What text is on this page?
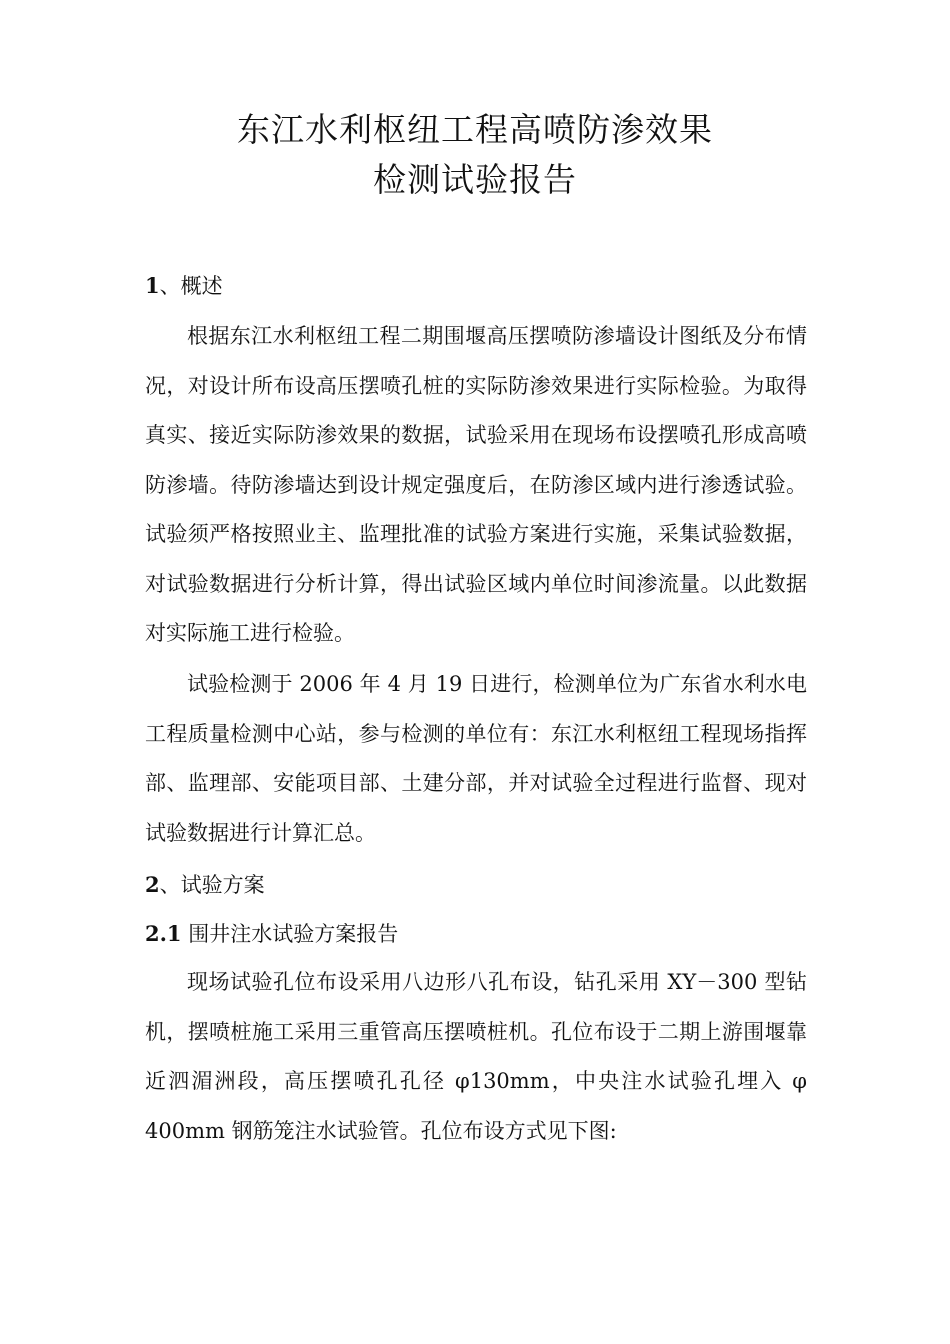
东江水利枢纽工程高喷防渗效果
检测试验报告

1、概述

根据东江水利枢纽工程二期围堰高压摆喷防渗墙设计图纸及分布情况，对设计所布设高压摆喷孔桩的实际防渗效果进行实际检验。为取得真实、接近实际防渗效果的数据，试验采用在现场布设摆喷孔形成高喷防渗墙。待防渗墙达到设计规定强度后，在防渗区域内进行渗透试验。试验须严格按照业主、监理批准的试验方案进行实施，采集试验数据，对试验数据进行分析计算，得出试验区域内单位时间渗流量。以此数据对实际施工进行检验。

试验检测于 2006 年 4 月 19 日进行，检测单位为广东省水利水电工程质量检测中心站，参与检测的单位有：东江水利枢纽工程现场指挥部、监理部、安能项目部、土建分部，并对试验全过程进行监督、现对试验数据进行计算汇总。

2、试验方案

2.1 围井注水试验方案报告

现场试验孔位布设采用八边形八孔布设，钻孔采用 XY－300 型钻机，摆喷桩施工采用三重管高压摆喷桩机。孔位布设于二期上游围堰靠近泗湄洲段，高压摆喷孔孔径 φ130mm，中央注水试验孔埋入 φ 400mm 钢筋笼注水试验管。孔位布设方式见下图:
